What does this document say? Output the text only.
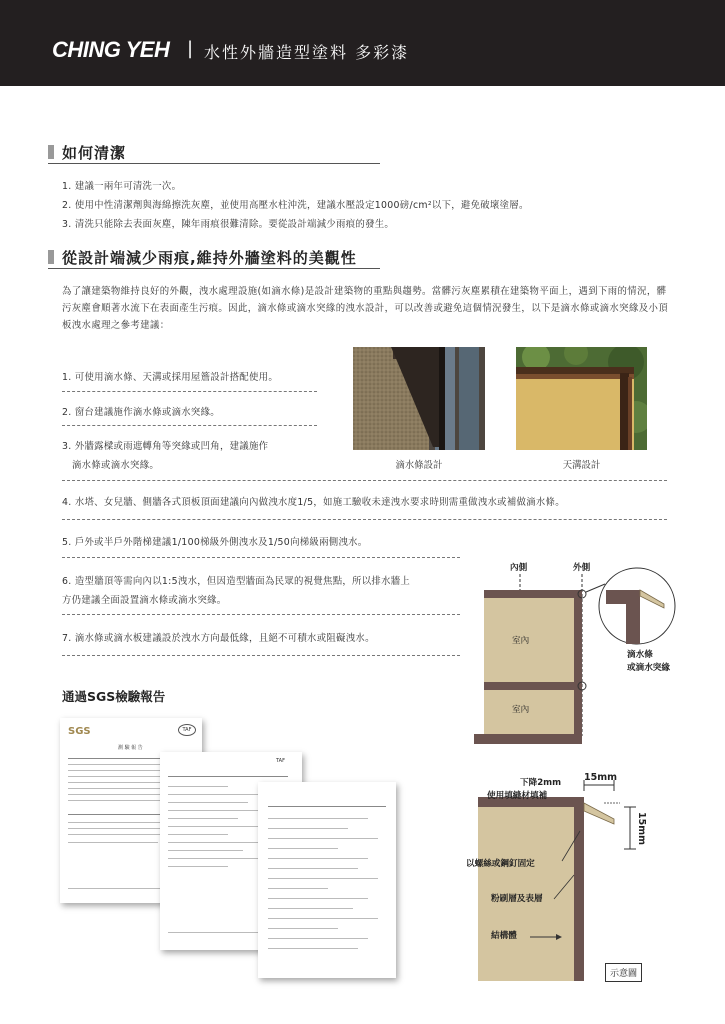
CHING YEH | 水性外牆造型塗料 多彩漆
如何清潔
1. 建議一兩年可清洗一次。
2. 使用中性清潔劑與海綿擦洗灰塵，並使用高壓水柱沖洗，建議水壓設定1000磅/cm²以下，避免破壞塗層。
3. 清洗只能除去表面灰塵，陳年雨痕很難清除。要從設計端減少雨痕的發生。
從設計端減少雨痕,維持外牆塗料的美觀性
為了讓建築物維持良好的外觀，洩水處理設施(如滴水條)是設計建築物的重點與趨勢。當髒污灰塵累積在建築物平面上，遇到下雨的情況，髒污灰塵會順著水流下在表面產生污痕。因此，滴水條或滴水突緣的洩水設計，可以改善或避免這個情況發生，以下是滴水條或滴水突緣及小頂板洩水處理之參考建議：
1. 可使用滴水條、天溝或採用屋簷設計搭配使用。
2. 窗台建議施作滴水條或滴水突緣。
3. 外牆露樑或雨遮轉角等突緣或凹角，建議施作
滴水條或滴水突緣。	滴水條設計	天溝設計
4. 水塔、女兒牆、側牆各式頂板頂面建議向內做洩水度1/5，如施工驗收未達洩水要求時則需重做洩水或補做滴水條。
5. 戶外或半戶外階梯建議1/100梯級外側洩水及1/50向梯級兩側洩水。
6. 造型牆頂等需向內以1:5洩水，但因造型牆面為民眾的視覺焦點，所以排水牆上
方仍建議全面設置滴水條或滴水突緣。
7. 滴水條或滴水板建議設於洩水方向最低緣，且絕不可積水或阻礙洩水。
內側	外側
室內
室內
滴水條
或滴水突緣
通過SGS檢驗報告
SGS	TAF
測 驗 報 告
TAF
下降2mm
使用填縫材填補
15mm
15mm
以螺絲或鋼釘固定
粉刷層及表層
結構體
示意圖
